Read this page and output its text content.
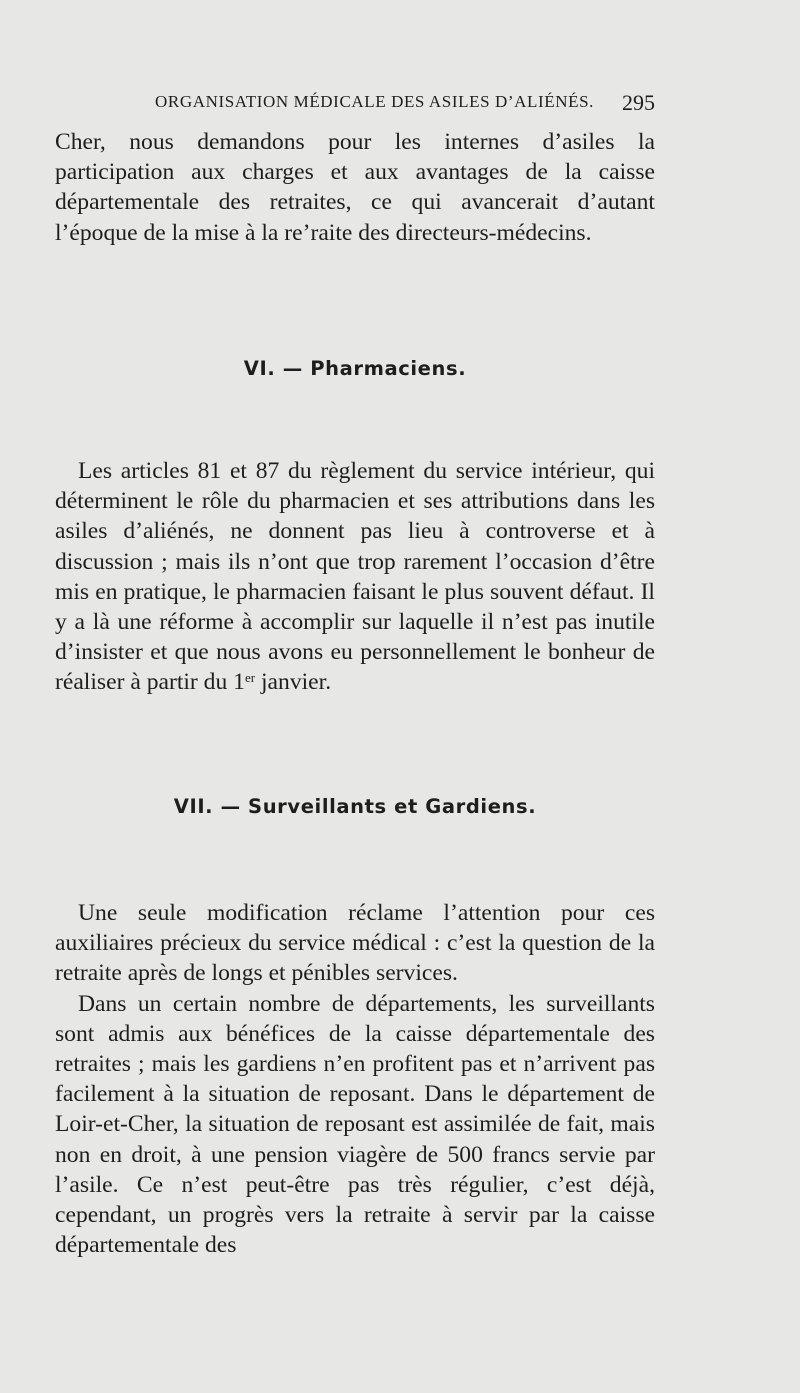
ORGANISATION MÉDICALE DES ASILES D’ALIÉNÉS. 295

Cher, nous demandons pour les internes d’asiles la participation aux charges et aux avantages de la caisse départementale des retraites, ce qui avancerait d’autant l’époque de la mise à la re’raite des directeurs-médecins.

VI. — Pharmaciens.

Les articles 81 et 87 du règlement du service intérieur, qui déterminent le rôle du pharmacien et ses attributions dans les asiles d’aliénés, ne donnent pas lieu à controverse et à discussion ; mais ils n’ont que trop rarement l’occasion d’être mis en pratique, le pharmacien faisant le plus souvent défaut. Il y a là une réforme à accomplir sur laquelle il n’est pas inutile d’insister et que nous avons eu personnellement le bonheur de réaliser à partir du 1er janvier.

VII. — Surveillants et Gardiens.

Une seule modification réclame l’attention pour ces auxiliaires précieux du service médical : c’est la question de la retraite après de longs et pénibles services.

Dans un certain nombre de départements, les surveillants sont admis aux bénéfices de la caisse départementale des retraites ; mais les gardiens n’en profitent pas et n’arrivent pas facilement à la situation de reposant. Dans le département de Loir-et-Cher, la situation de reposant est assimilée de fait, mais non en droit, à une pension viagère de 500 francs servie par l’asile. Ce n’est peut-être pas très régulier, c’est déjà, cependant, un progrès vers la retraite à servir par la caisse départementale des
